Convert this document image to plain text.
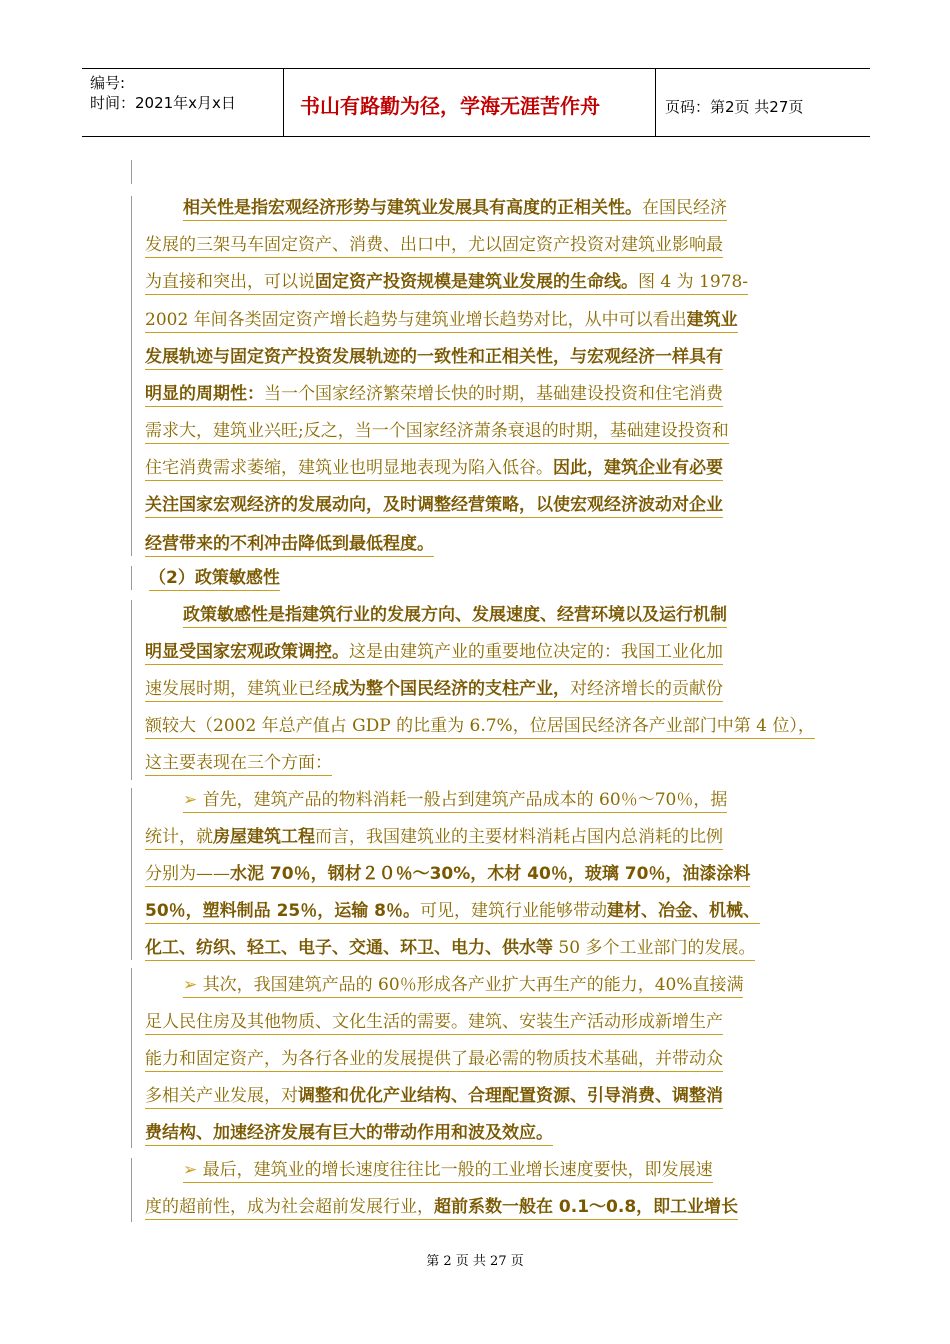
编号:
时间：2021年x月x日	书山有路勤为径，学海无涯苦作舟	页码：第2页 共27页
相关性是指宏观经济形势与建筑业发展具有高度的正相关性。在国民经济
发展的三架马车固定资产、消费、出口中，尤以固定资产投资对建筑业影响最
为直接和突出，可以说固定资产投资规模是建筑业发展的生命线。图 4 为 1978-
2002 年间各类固定资产增长趋势与建筑业增长趋势对比，从中可以看出建筑业
发展轨迹与固定资产投资发展轨迹的一致性和正相关性，与宏观经济一样具有
明显的周期性：当一个国家经济繁荣增长快的时期，基础建设投资和住宅消费
需求大，建筑业兴旺;反之，当一个国家经济萧条衰退的时期，基础建设投资和
住宅消费需求萎缩，建筑业也明显地表现为陷入低谷。因此，建筑企业有必要
关注国家宏观经济的发展动向，及时调整经营策略，以使宏观经济波动对企业
经营带来的不利冲击降低到最低程度。
（2）政策敏感性
政策敏感性是指建筑行业的发展方向、发展速度、经营环境以及运行机制
明显受国家宏观政策调控。这是由建筑产业的重要地位决定的：我国工业化加
速发展时期，建筑业已经成为整个国民经济的支柱产业，对经济增长的贡献份
额较大（2002 年总产值占 GDP 的比重为 6.7%，位居国民经济各产业部门中第 4 位），
这主要表现在三个方面：
➢ 首先，建筑产品的物料消耗一般占到建筑产品成本的 60％～70％，据
统计，就房屋建筑工程而言，我国建筑业的主要材料消耗占国内总消耗的比例
分别为——水泥 70％，钢材２０％～30%，木材 40％，玻璃 70％，油漆涂料
50％，塑料制品 25％，运输 8％。可见，建筑行业能够带动建材、冶金、机械、
化工、纺织、轻工、电子、交通、环卫、电力、供水等 50 多个工业部门的发展。
➢ 其次，我国建筑产品的 60％形成各产业扩大再生产的能力，40%直接满
足人民住房及其他物质、文化生活的需要。建筑、安装生产活动形成新增生产
能力和固定资产，为各行各业的发展提供了最必需的物质技术基础，并带动众
多相关产业发展，对调整和优化产业结构、合理配置资源、引导消费、调整消
费结构、加速经济发展有巨大的带动作用和波及效应。
➢ 最后，建筑业的增长速度往往比一般的工业增长速度要快，即发展速
度的超前性，成为社会超前发展行业，超前系数一般在 0.1～0.8，即工业增长
第 2 页 共 27 页
